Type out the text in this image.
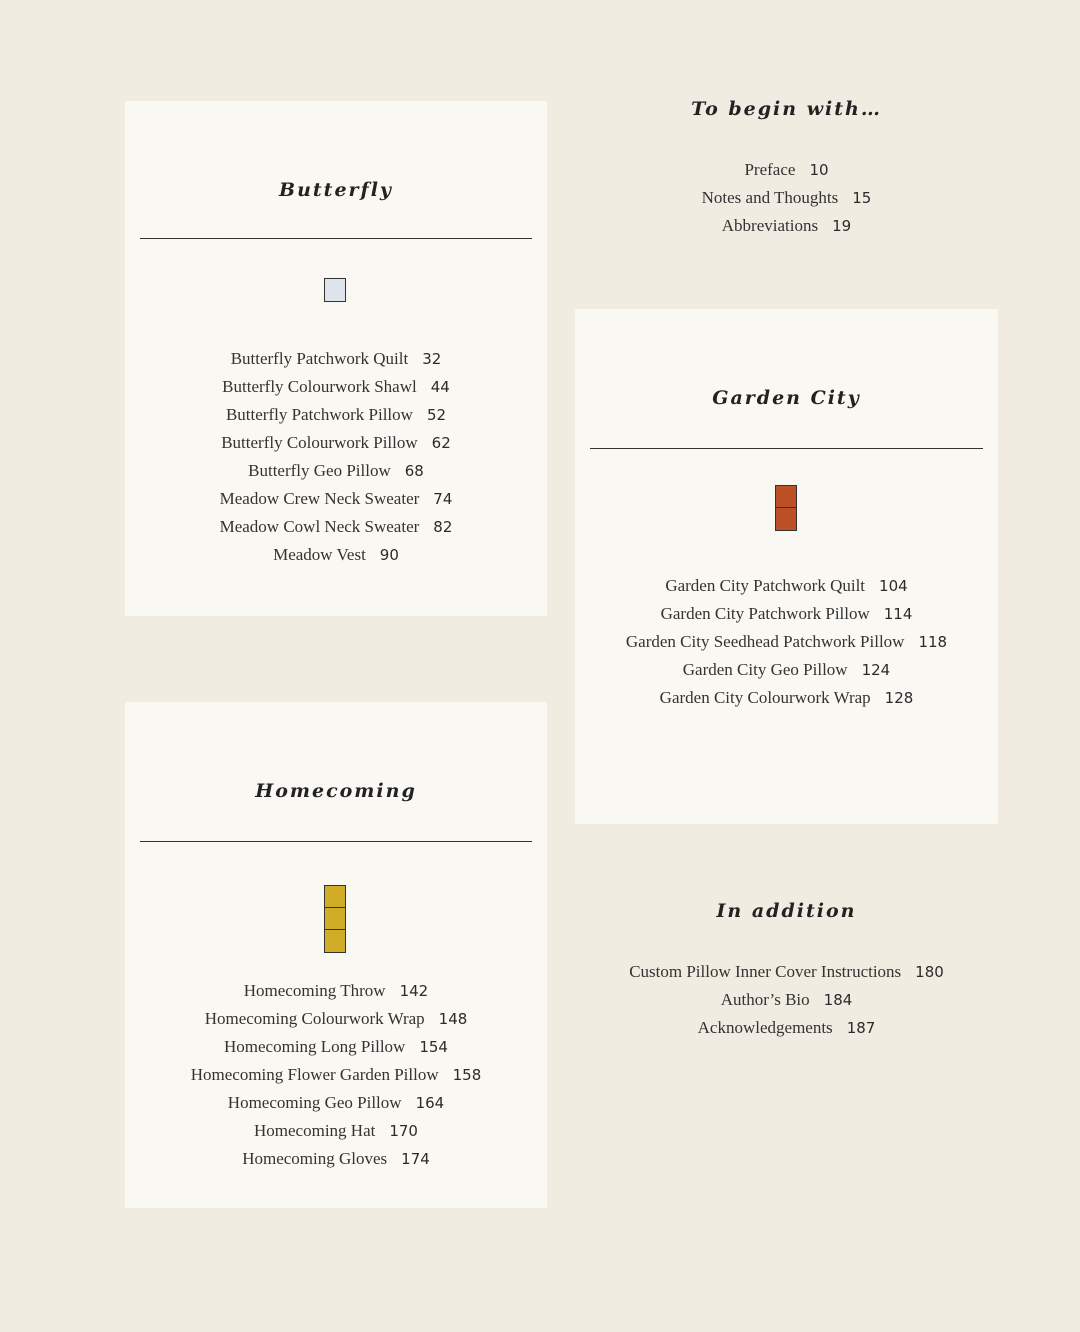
To begin with…
Preface 10
Notes and Thoughts 15
Abbreviations 19
Butterfly
Butterfly Patchwork Quilt 32
Butterfly Colourwork Shawl 44
Butterfly Patchwork Pillow 52
Butterfly Colourwork Pillow 62
Butterfly Geo Pillow 68
Meadow Crew Neck Sweater 74
Meadow Cowl Neck Sweater 82
Meadow Vest 90
Garden City
Garden City Patchwork Quilt 104
Garden City Patchwork Pillow 114
Garden City Seedhead Patchwork Pillow 118
Garden City Geo Pillow 124
Garden City Colourwork Wrap 128
Homecoming
Homecoming Throw 142
Homecoming Colourwork Wrap 148
Homecoming Long Pillow 154
Homecoming Flower Garden Pillow 158
Homecoming Geo Pillow 164
Homecoming Hat 170
Homecoming Gloves 174
In addition
Custom Pillow Inner Cover Instructions 180
Author’s Bio 184
Acknowledgements 187
